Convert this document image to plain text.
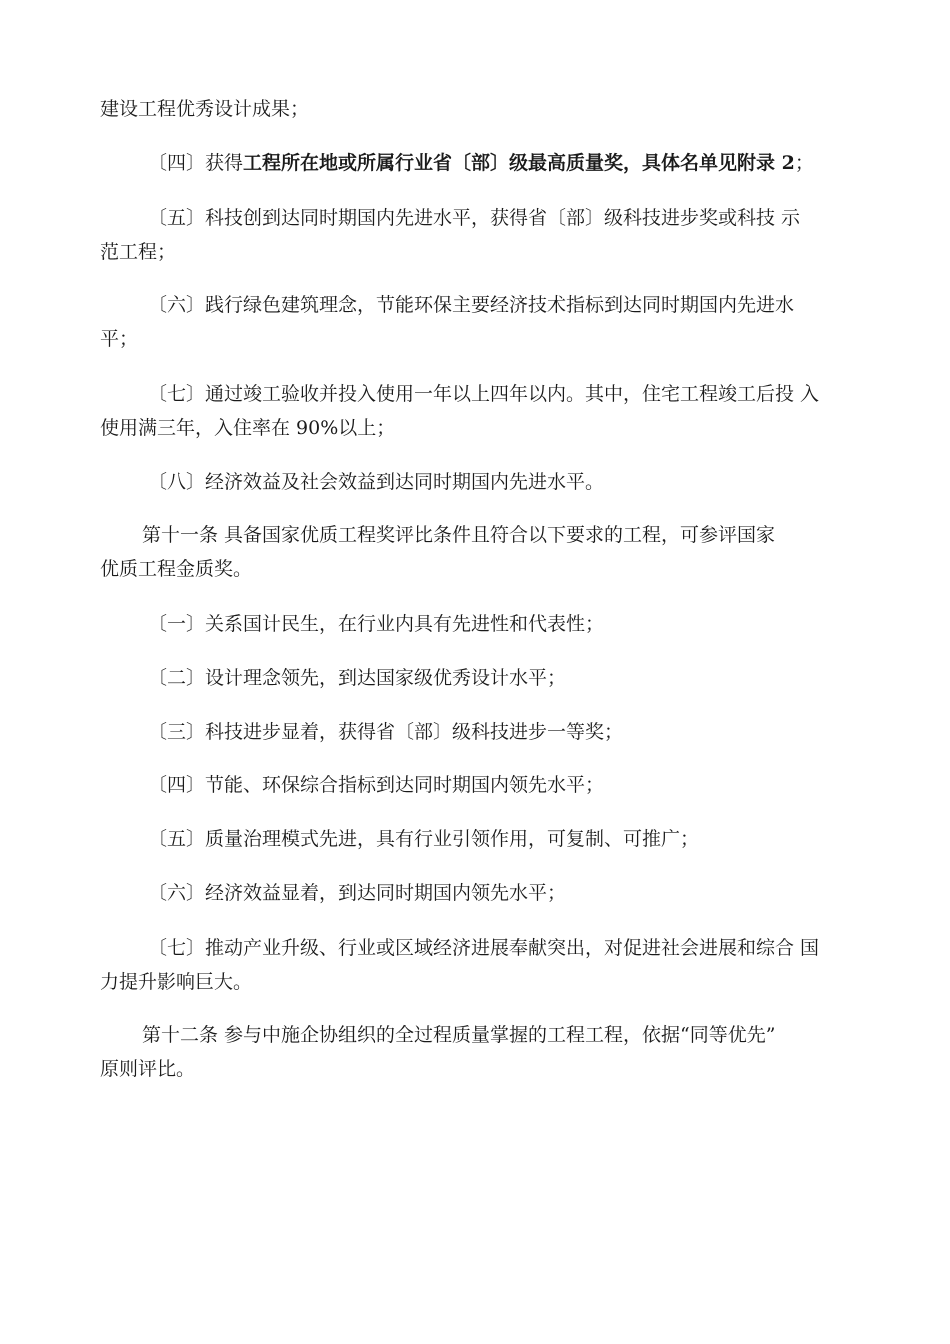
建设工程优秀设计成果；
〔四〕获得工程所在地或所属行业省〔部〕级最高质量奖，具体名单见附录 2；
〔五〕科技创到达同时期国内先进水平，获得省〔部〕级科技进步奖或科技 示
范工程；
〔六〕践行绿色建筑理念，节能环保主要经济技术指标到达同时期国内先进水
平；
〔七〕通过竣工验收并投入使用一年以上四年以内。其中，住宅工程竣工后投 入
使用满三年，入住率在 90%以上；
〔八〕经济效益及社会效益到达同时期国内先进水平。
第十一条 具备国家优质工程奖评比条件且符合以下要求的工程，可参评国家
优质工程金质奖。
〔一〕关系国计民生，在行业内具有先进性和代表性；
〔二〕设计理念领先，到达国家级优秀设计水平；
〔三〕科技进步显着，获得省〔部〕级科技进步一等奖；
〔四〕节能、环保综合指标到达同时期国内领先水平；
〔五〕质量治理模式先进，具有行业引领作用，可复制、可推广；
〔六〕经济效益显着，到达同时期国内领先水平；
〔七〕推动产业升级、行业或区域经济进展奉献突出，对促进社会进展和综合 国
力提升影响巨大。
第十二条 参与中施企协组织的全过程质量掌握的工程工程，依据“同等优先”
原则评比。
